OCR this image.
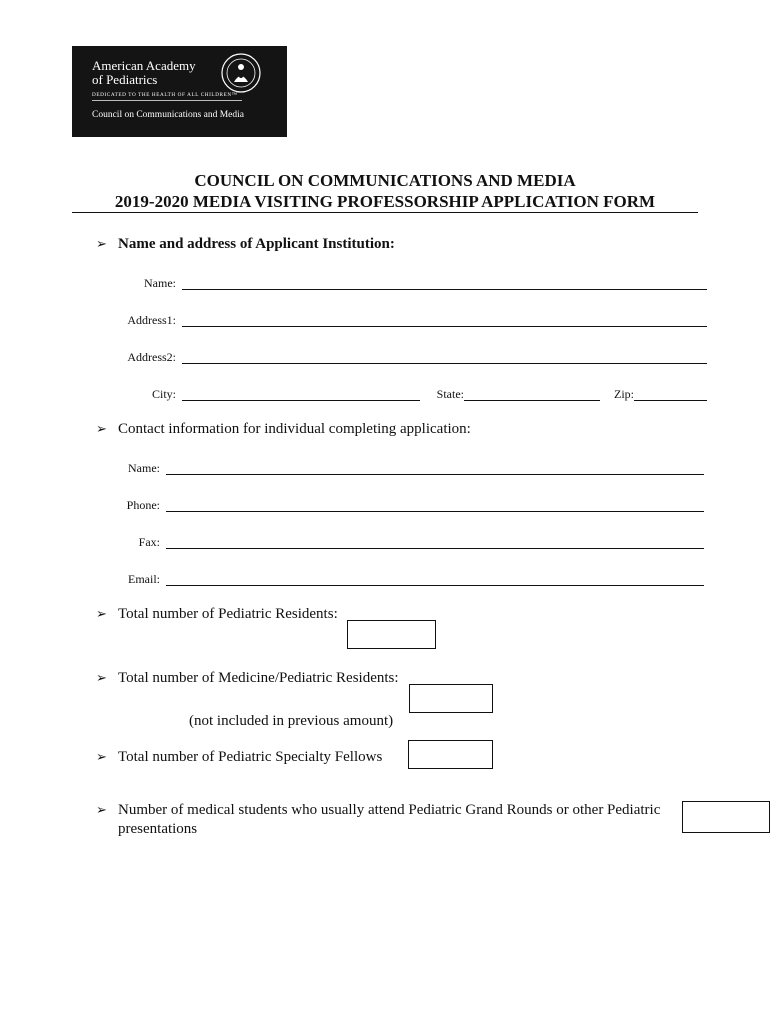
American Academy
of Pediatrics
DEDICATED TO THE HEALTH OF ALL CHILDREN™
Council on Communications and Media
COUNCIL ON COMMUNICATIONS AND MEDIA
2019-2020 MEDIA VISITING PROFESSORSHIP APPLICATION FORM
➢ Name and address of Applicant Institution:
Name:
Address1:
Address2:
City:	State:	Zip:
➢ Contact information for individual completing application:
Name:
Phone:
Fax:
Email:
➢ Total number of Pediatric Residents:
➢ Total number of Medicine/Pediatric Residents:
(not included in previous amount)
➢ Total number of Pediatric Specialty Fellows
➢ Number of medical students who usually attend Pediatric Grand Rounds or other Pediatric
presentations
